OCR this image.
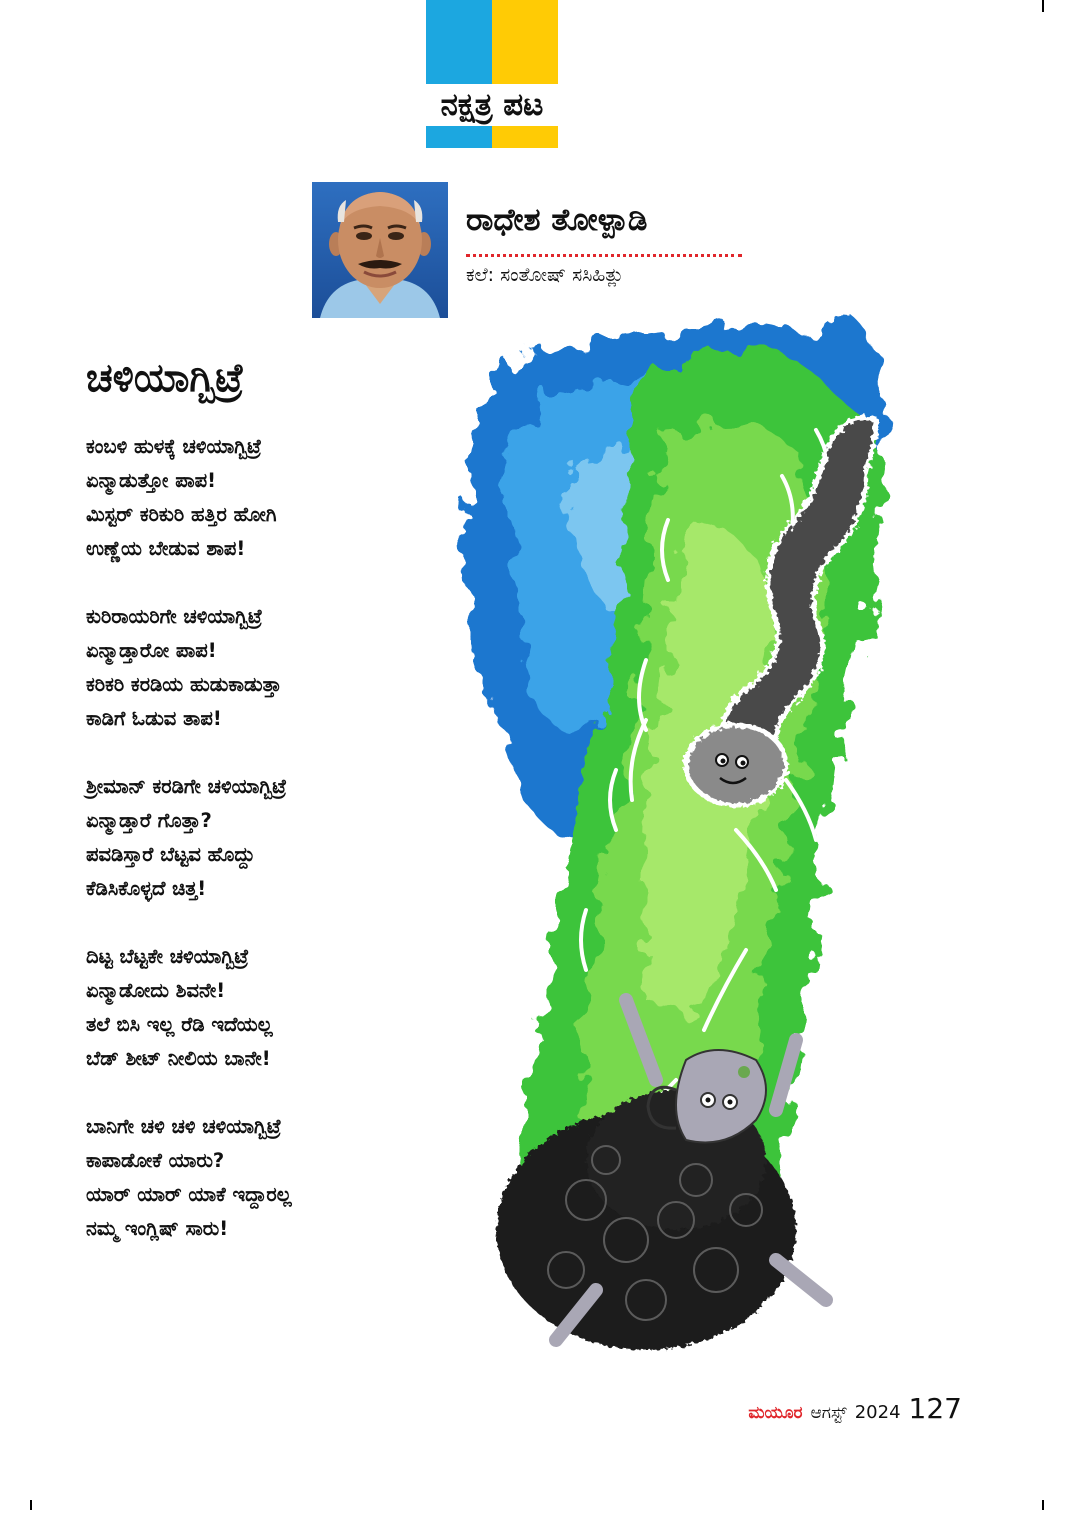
ನಕ್ಷತ್ರ ಪಟ
ರಾಧೇಶ ತೋಳ್ಪಾಡಿ
ಕಲೆ: ಸಂತೋಷ್ ಸಸಿಹಿತ್ಲು
ಚಳಿಯಾಗ್ಬಿಟ್ರೆ
ಕಂಬಳಿ ಹುಳಕ್ಕೆ ಚಳಿಯಾಗ್ಬಿಟ್ರೆ
ಏನ್ಮಾಡುತ್ತೋ ಪಾಪ!
ಮಿಸ್ಟರ್ ಕರಿಕುರಿ ಹತ್ತಿರ ಹೋಗಿ
ಉಣ್ಣೆಯ ಬೇಡುವ ಶಾಪ!
ಕುರಿರಾಯರಿಗೇ ಚಳಿಯಾಗ್ಬಿಟ್ರೆ
ಏನ್ಮಾಡ್ತಾರೋ ಪಾಪ!
ಕರಿಕರಿ ಕರಡಿಯ ಹುಡುಕಾಡುತ್ತಾ
ಕಾಡಿಗೆ ಓಡುವ ತಾಪ!
ಶ್ರೀಮಾನ್ ಕರಡಿಗೇ ಚಳಿಯಾಗ್ಬಿಟ್ರೆ
ಏನ್ಮಾಡ್ತಾರೆ ಗೊತ್ತಾ?
ಪವಡಿಸ್ತಾರೆ ಬೆಟ್ಟವ ಹೊದ್ದು
ಕೆಡಿಸಿಕೊಳ್ಳದೆ ಚಿತ್ತ!
ದಿಟ್ಟ ಬೆಟ್ಟಕೇ ಚಳಿಯಾಗ್ಬಿಟ್ರೆ
ಏನ್ಮಾಡೋದು ಶಿವನೇ!
ತಲೆ ಬಿಸಿ ಇಲ್ಲ ರೆಡಿ ಇದೆಯಲ್ಲ
ಬೆಡ್ ಶೀಟ್ ನೀಲಿಯ ಬಾನೇ!
ಬಾನಿಗೇ ಚಳಿ ಚಳಿ ಚಳಿಯಾಗ್ಬಿಟ್ರೆ
ಕಾಪಾಡೋಕೆ ಯಾರು?
ಯಾರ್ ಯಾರ್ ಯಾಕೆ ಇದ್ದಾರಲ್ಲ
ನಮ್ಮ ಇಂಗ್ಲಿಷ್ ಸಾರು!
ಮಯೂರ ಆಗಸ್ಟ್ 2024 127
